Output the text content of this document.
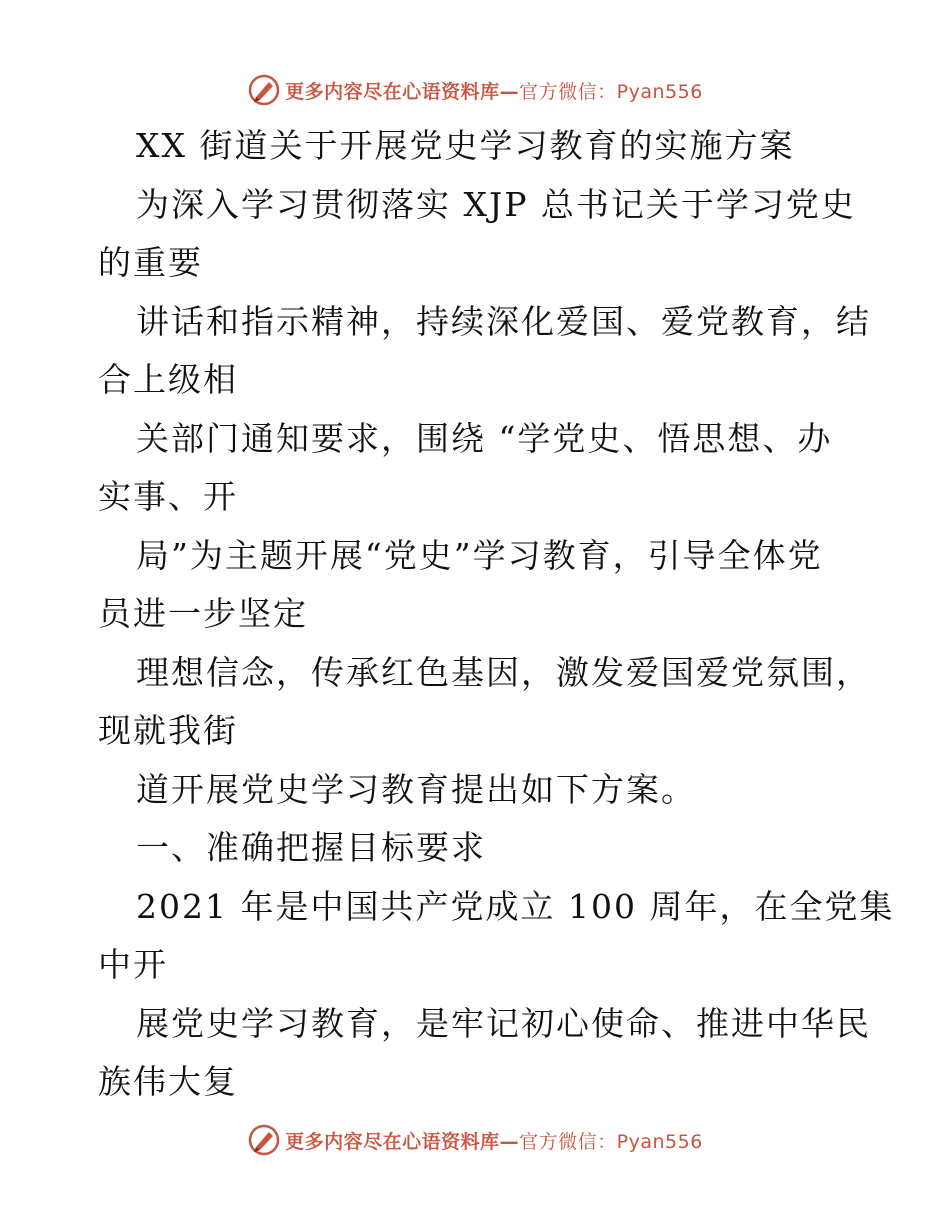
更多内容尽在心语资料库—官方微信：Pyan556
XX 街道关于开展党史学习教育的实施方案
为深入学习贯彻落实 XJP 总书记关于学习党史
的重要
讲话和指示精神，持续深化爱国、爱党教育，结
合上级相
关部门通知要求，围绕 “学党史、悟思想、办
实事、开
局”为主题开展“党史”学习教育，引导全体党
员进一步坚定
理想信念，传承红色基因，激发爱国爱党氛围，
现就我街
道开展党史学习教育提出如下方案。
一、准确把握目标要求
2021 年是中国共产党成立 100 周年，在全党集
中开
展党史学习教育，是牢记初心使命、推进中华民
族伟大复
更多内容尽在心语资料库—官方微信：Pyan556
